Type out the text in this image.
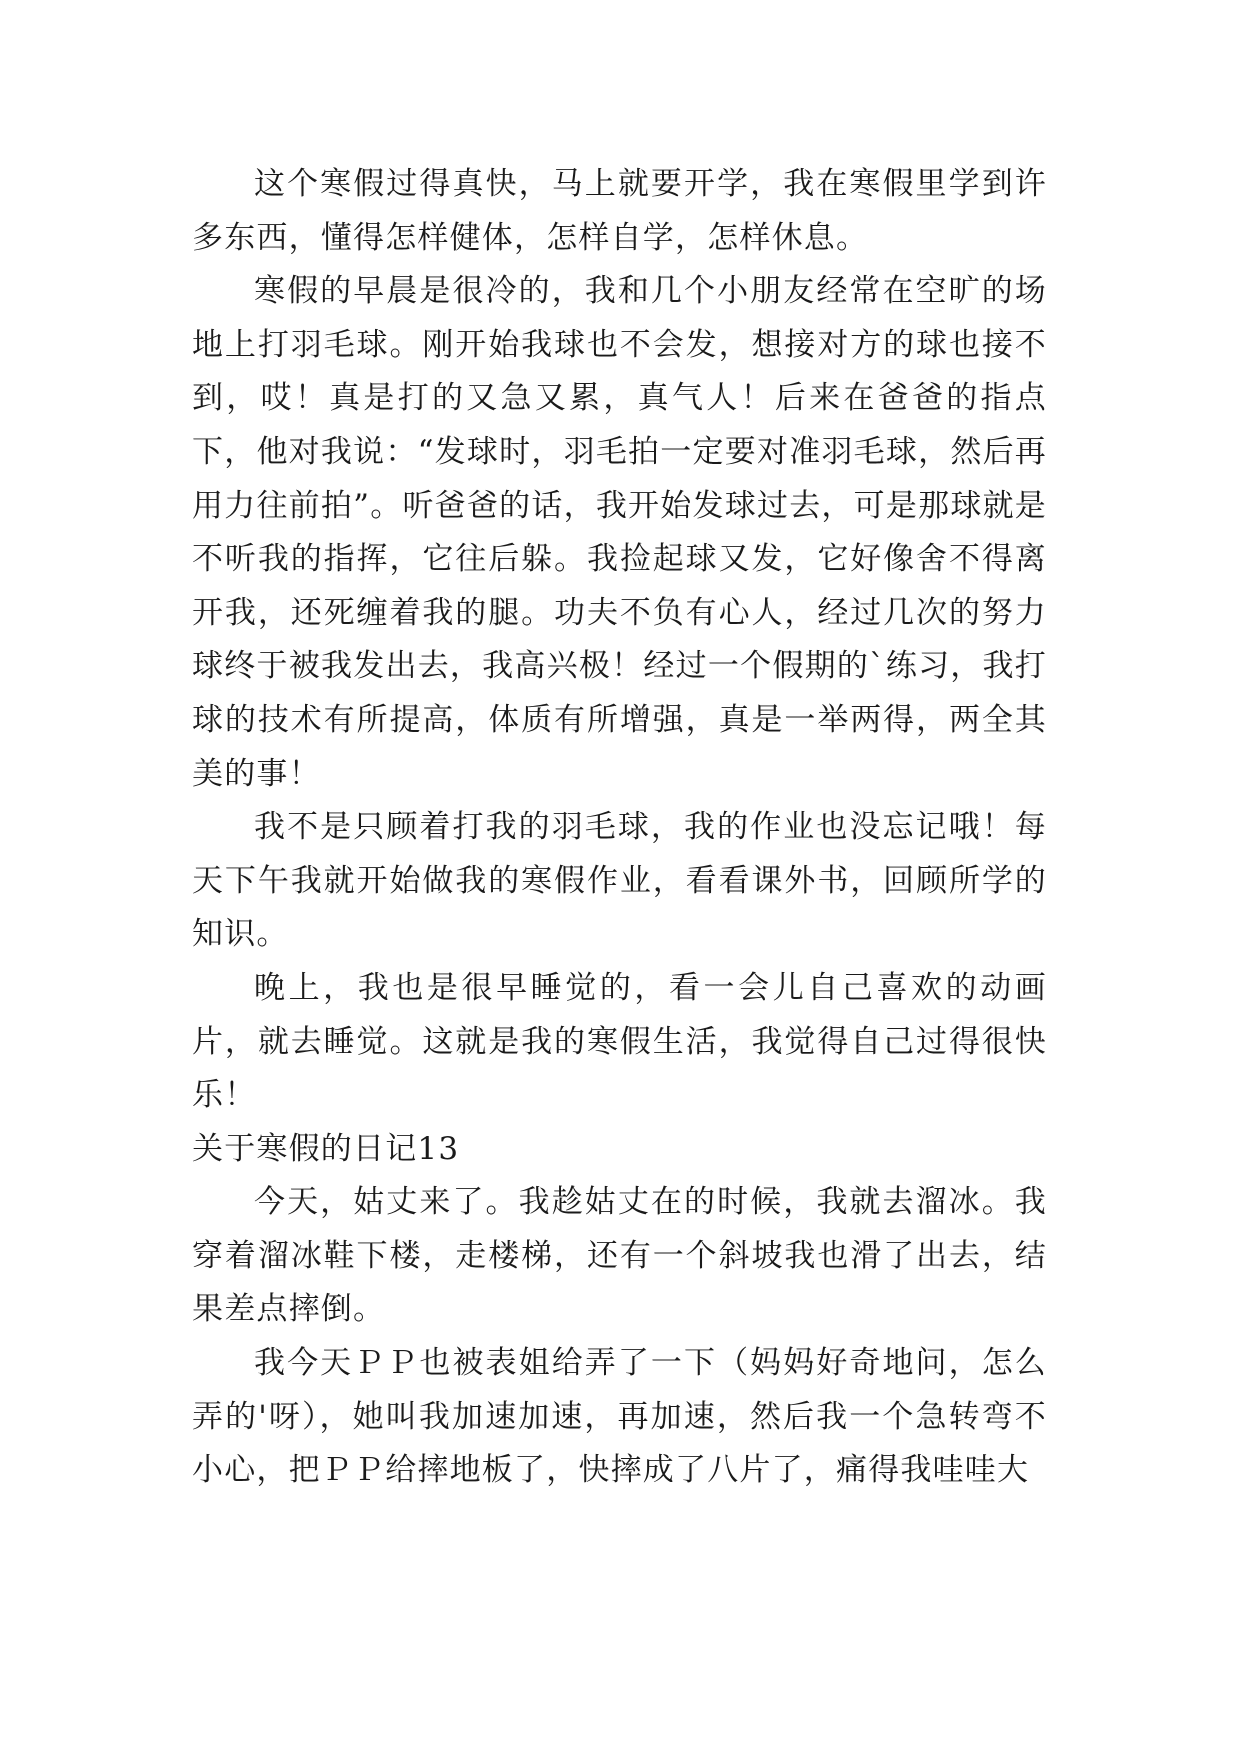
这个寒假过得真快，马上就要开学，我在寒假里学到许多东西，懂得怎样健体，怎样自学，怎样休息。

寒假的早晨是很冷的，我和几个小朋友经常在空旷的场地上打羽毛球。刚开始我球也不会发，想接对方的球也接不到，哎！真是打的又急又累，真气人！后来在爸爸的指点下，他对我说：“发球时，羽毛拍一定要对准羽毛球，然后再用力往前拍”。听爸爸的话，我开始发球过去，可是那球就是不听我的指挥，它往后躲。我捡起球又发，它好像舍不得离开我，还死缠着我的腿。功夫不负有心人，经过几次的努力球终于被我发出去，我高兴极！经过一个假期的`练习，我打球的技术有所提高，体质有所增强，真是一举两得，两全其美的事！

我不是只顾着打我的羽毛球，我的作业也没忘记哦！每天下午我就开始做我的寒假作业，看看课外书，回顾所学的知识。

晚上，我也是很早睡觉的，看一会儿自己喜欢的动画片，就去睡觉。这就是我的寒假生活，我觉得自己过得很快乐！

关于寒假的日记13

今天，姑丈来了。我趁姑丈在的时候，我就去溜冰。我穿着溜冰鞋下楼，走楼梯，还有一个斜坡我也滑了出去，结果差点摔倒。

我今天ＰＰ也被表姐给弄了一下（妈妈好奇地问，怎么弄的'呀），她叫我加速加速，再加速，然后我一个急转弯不小心，把ＰＰ给摔地板了，快摔成了八片了，痛得我哇哇大
